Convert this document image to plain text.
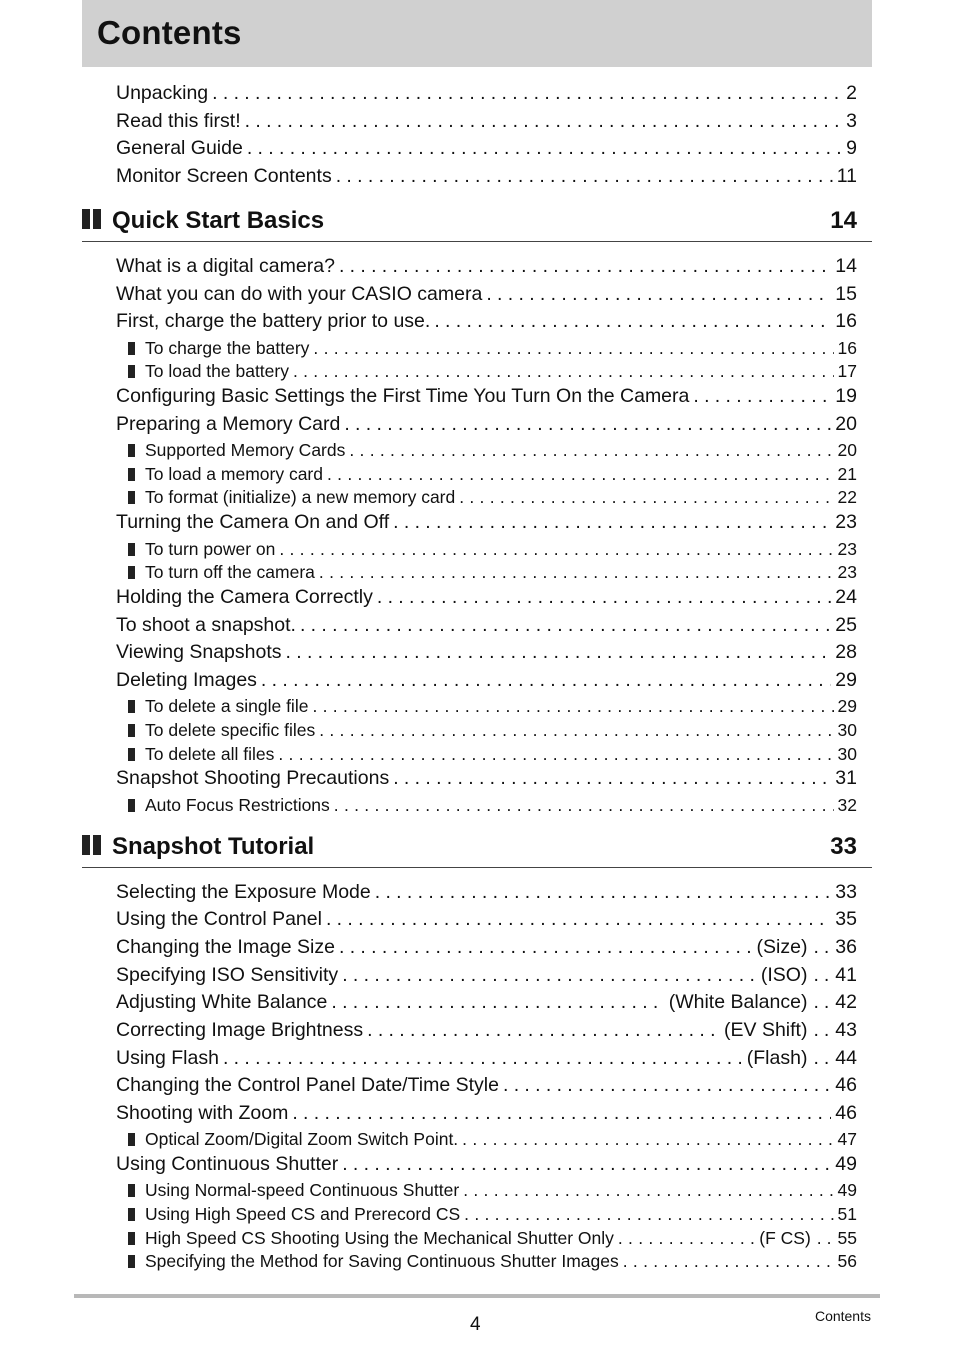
Contents
Unpacking .....	2
Read this first! .....	3
General Guide .....	9
Monitor Screen Contents .....	11
Quick Start Basics	14
What is a digital camera? .....	14
What you can do with your CASIO camera .....	15
First, charge the battery prior to use. .....	16
To charge the battery .....	16
To load the battery .....	17
Configuring Basic Settings the First Time You Turn On the Camera .....	19
Preparing a Memory Card .....	20
Supported Memory Cards .....	20
To load a memory card .....	21
To format (initialize) a new memory card .....	22
Turning the Camera On and Off .....	23
To turn power on .....	23
To turn off the camera .....	23
Holding the Camera Correctly .....	24
To shoot a snapshot. .....	25
Viewing Snapshots .....	28
Deleting Images .....	29
To delete a single file .....	29
To delete specific files .....	30
To delete all files .....	30
Snapshot Shooting Precautions .....	31
Auto Focus Restrictions .....	32
Snapshot Tutorial	33
Selecting the Exposure Mode .....	33
Using the Control Panel .....	35
Changing the Image Size .....	(Size) .. 36
Specifying ISO Sensitivity .....	(ISO) .. 41
Adjusting White Balance .....	(White Balance) .. 42
Correcting Image Brightness .....	(EV Shift) .. 43
Using Flash .....	(Flash) .. 44
Changing the Control Panel Date/Time Style .....	46
Shooting with Zoom .....	46
Optical Zoom/Digital Zoom Switch Point. .....	47
Using Continuous Shutter .....	49
Using Normal-speed Continuous Shutter .....	49
Using High Speed CS and Prerecord CS .....	51
High Speed CS Shooting Using the Mechanical Shutter Only .....	(F CS) .. 55
Specifying the Method for Saving Continuous Shutter Images .....	56
4	Contents
